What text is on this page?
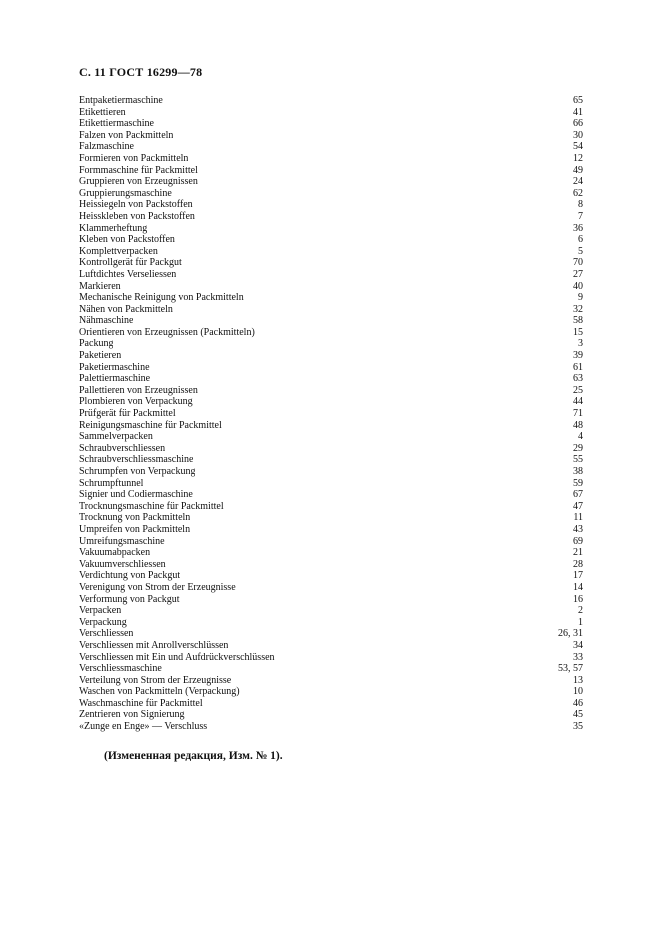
С. 11 ГОСТ 16299—78
Entpaketiermaschine	65
Etikettieren	41
Etikettiermaschine	66
Falzen von Packmitteln	30
Falzmaschine	54
Formieren von Packmitteln	12
Formmaschine für Packmittel	49
Gruppieren von Erzeugnissen	24
Gruppierungsmaschine	62
Heissiegeln von Packstoffen	8
Heisskleben von Packstoffen	7
Klammerheftung	36
Kleben von Packstoffen	6
Komplettverpacken	5
Kontrollgerät für Packgut	70
Luftdichtes Verseliessen	27
Markieren	40
Mechanische Reinigung von Packmitteln	9
Nähen von Packmitteln	32
Nähmaschine	58
Orientieren von Erzeugnissen (Packmitteln)	15
Packung	3
Paketieren	39
Paketiermaschine	61
Palettiermaschine	63
Pallettieren von Erzeugnissen	25
Plombieren von Verpackung	44
Prüfgerät für Packmittel	71
Reinigungsmaschine für Packmittel	48
Sammelverpacken	4
Schraubverschliessen	29
Schraubverschliessmaschine	55
Schrumpfen von Verpackung	38
Schrumpftunnel	59
Signier und Codiermaschine	67
Trocknungsmaschine für Packmittel	47
Trocknung von Packmitteln	11
Umpreifen von Packmitteln	43
Umreifungsmaschine	69
Vakuumabpacken	21
Vakuumverschliessen	28
Verdichtung von Packgut	17
Verenigung von Strom der Erzeugnisse	14
Verformung von Packgut	16
Verpacken	2
Verpackung	1
Verschliessen	26, 31
Verschliessen mit Anrollverschlüssen	34
Verschliessen mit Ein und Aufdrückverschlüssen	33
Verschliessmaschine	53, 57
Verteilung von Strom der Erzeugnisse	13
Waschen von Packmitteln (Verpackung)	10
Waschmaschine für Packmittel	46
Zentrieren von Signierung	45
«Zunge en Enge» — Verschluss	35
(Измененная редакция, Изм. № 1).
